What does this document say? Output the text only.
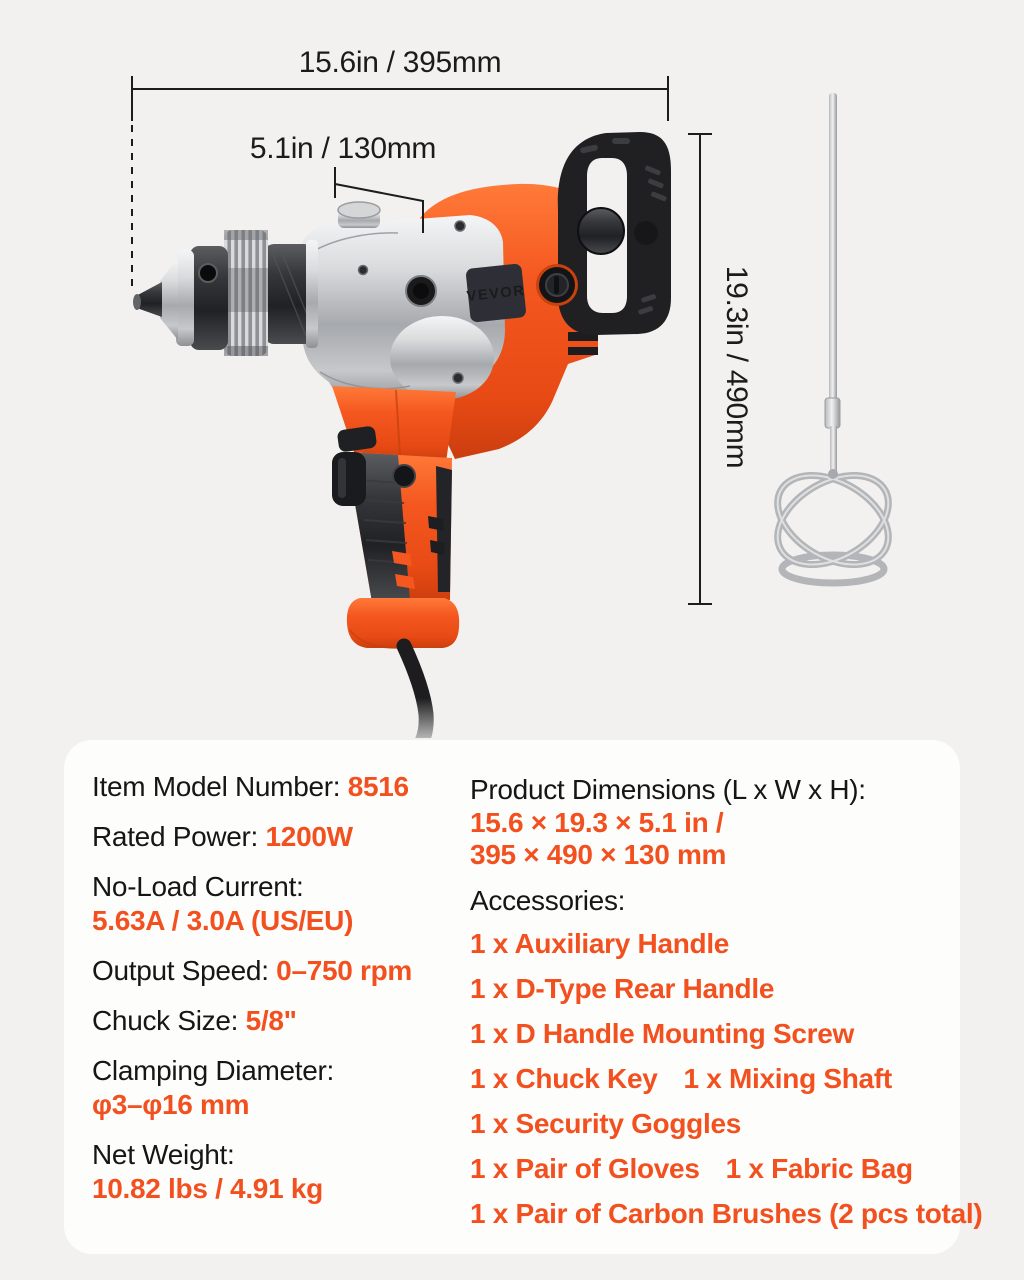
VEVOR
15.6in / 395mm
5.1in / 130mm
19.3in / 490mm
Item Model Number: 8516
Rated Power: 1200W
No-Load Current:
5.63A / 3.0A (US/EU)
Output Speed: 0–750 rpm
Chuck Size: 5/8"
Clamping Diameter:
φ3–φ16 mm
Net Weight:
10.82 lbs / 4.91 kg
Product Dimensions (L x W x H):
15.6 × 19.3 × 5.1 in /
395 × 490 × 130 mm
Accessories:
1 x Auxiliary Handle
1 x D-Type Rear Handle
1 x D Handle Mounting Screw
1 x Chuck Key 1 x Mixing Shaft
1 x Security Goggles
1 x Pair of Gloves 1 x Fabric Bag
1 x Pair of Carbon Brushes (2 pcs total)
